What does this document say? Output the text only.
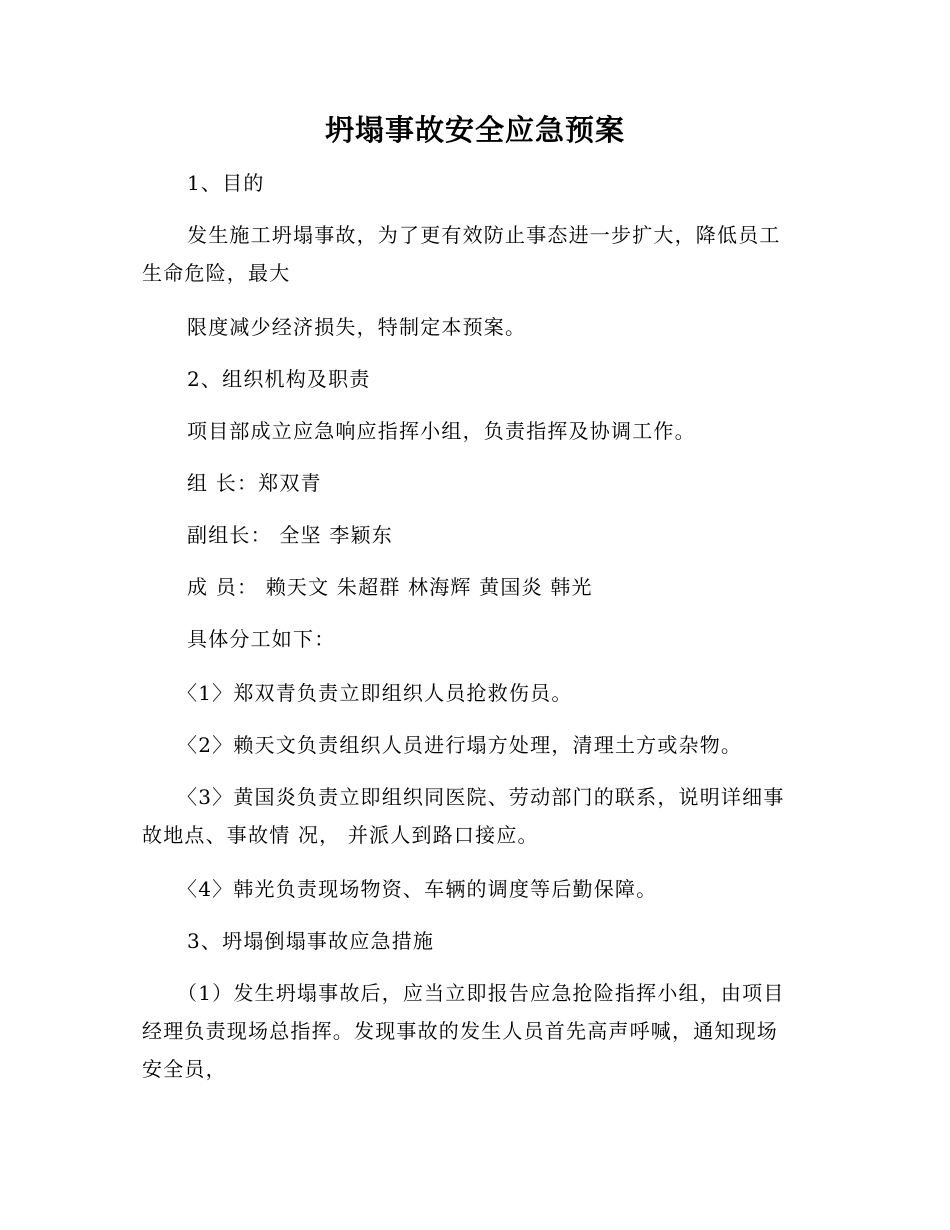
坍塌事故安全应急预案
1、目的
发生施工坍塌事故，为了更有效防止事态进一步扩大，降低员工
生命危险，最大
限度减少经济损失，特制定本预案。
2、组织机构及职责
项目部成立应急响应指挥小组，负责指挥及协调工作。
组 长：郑双青
副组长： 全坚 李颖东
成 员： 赖天文 朱超群 林海辉 黄国炎 韩光
具体分工如下：
〈1〉郑双青负责立即组织人员抢救伤员。
〈2〉赖天文负责组织人员进行塌方处理，清理土方或杂物。
〈3〉黄国炎负责立即组织同医院、劳动部门的联系，说明详细事
故地点、事故情 况， 并派人到路口接应。
〈4〉韩光负责现场物资、车辆的调度等后勤保障。
3、坍塌倒塌事故应急措施
（1）发生坍塌事故后，应当立即报告应急抢险指挥小组，由项目
经理负责现场总指挥。发现事故的发生人员首先高声呼喊，通知现场
安全员，
